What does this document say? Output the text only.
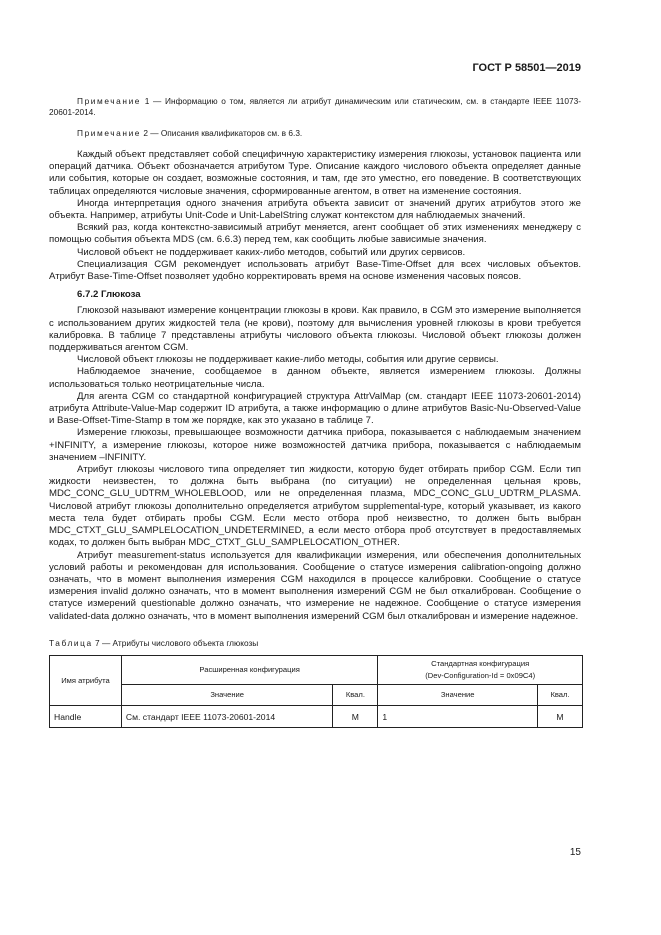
ГОСТ Р 58501—2019

Примечание 1 — Информацию о том, является ли атрибут динамическим или статическим, см. в стандарте IEEE 11073-20601-2014.

Примечание 2 — Описания квалификаторов см. в 6.3.

Каждый объект представляет собой специфичную характеристику измерения глюкозы, установок пациента или операций датчика. Объект обозначается атрибутом Type. Описание каждого числового объекта определяет данные или события, которые он создает, возможные состояния, и там, где это уместно, его поведение. В соответствующих таблицах определяются числовые значения, сформированные агентом, в ответ на изменение состояния.

Иногда интерпретация одного значения атрибута объекта зависит от значений других атрибутов этого же объекта. Например, атрибуты Unit-Code и Unit-LabelString служат контекстом для наблюдаемых значений.

Всякий раз, когда контекстно-зависимый атрибут меняется, агент сообщает об этих изменениях менеджеру с помощью события объекта MDS (см. 6.6.3) перед тем, как сообщить любые зависимые значения.

Числовой объект не поддерживает каких-либо методов, событий или других сервисов.

Специализация CGM рекомендует использовать атрибут Base-Time-Offset для всех числовых объектов. Атрибут Base-Time-Offset позволяет удобно корректировать время на основе изменения часовых поясов.

6.7.2 Глюкоза

Глюкозой называют измерение концентрации глюкозы в крови. Как правило, в CGM это измерение выполняется с использованием других жидкостей тела (не крови), поэтому для вычисления уровней глюкозы в крови требуется калибровка. В таблице 7 представлены атрибуты числового объекта глюкозы. Числовой объект глюкозы должен поддерживаться агентом CGM.

Числовой объект глюкозы не поддерживает какие-либо методы, события или другие сервисы.

Наблюдаемое значение, сообщаемое в данном объекте, является измерением глюкозы. Должны использоваться только неотрицательные числа.

Для агента CGM со стандартной конфигурацией структура AttrValMap (см. стандарт IEEE 11073-20601-2014) атрибута Attribute-Value-Map содержит ID атрибута, а также информацию о длине атрибутов Basic-Nu-Observed-Value и Base-Offset-Time-Stamp в том же порядке, как это указано в таблице 7.

Измерение глюкозы, превышающее возможности датчика прибора, показывается с наблюдаемым значением +INFINITY, а измерение глюкозы, которое ниже возможностей датчика прибора, показывается с наблюдаемым значением –INFINITY.

Атрибут глюкозы числового типа определяет тип жидкости, которую будет отбирать прибор CGM. Если тип жидкости неизвестен, то должна быть выбрана (по ситуации) не определенная цельная кровь, MDC_CONC_GLU_UDTRM_WHOLEBLOOD, или не определенная плазма, MDC_CONC_GLU_UDTRM_PLASMA. Числовой атрибут глюкозы дополнительно определяется атрибутом supplemental-type, который указывает, из какого места тела будет отбирать пробы CGM. Если место отбора проб неизвестно, то должен быть выбран MDC_CTXT_GLU_SAMPLELOCATION_UNDETERMINED, а если место отбора проб отсутствует в предоставляемых кодах, то должен быть выбран MDC_CTXT_GLU_SAMPLELOCATION_OTHER.

Атрибут measurement-status используется для квалификации измерения, или обеспечения дополнительных условий работы и рекомендован для использования. Сообщение о статусе измерения calibration-ongoing должно означать, что в момент выполнения измерения CGM находился в процессе калибровки. Сообщение о статусе измерения invalid должно означать, что в момент выполнения измерений CGM не был откалиброван. Сообщение о статусе измерений questionable должно означать, что измерение не надежное. Сообщение о статусе измерения validated-data должно означать, что в момент выполнения измерений CGM был откалиброван и измерение надежное.

Таблица 7 — Атрибуты числового объекта глюкозы
Имя атрибута	Расширенная конфигурация		Стандартная конфигурация
(Dev-Configuration-Id = 0x09C4)	

	Значение	Квал.	Значение	Квал.
Handle	См. стандарт IEEE 11073-20601-2014	M	1	M
15
